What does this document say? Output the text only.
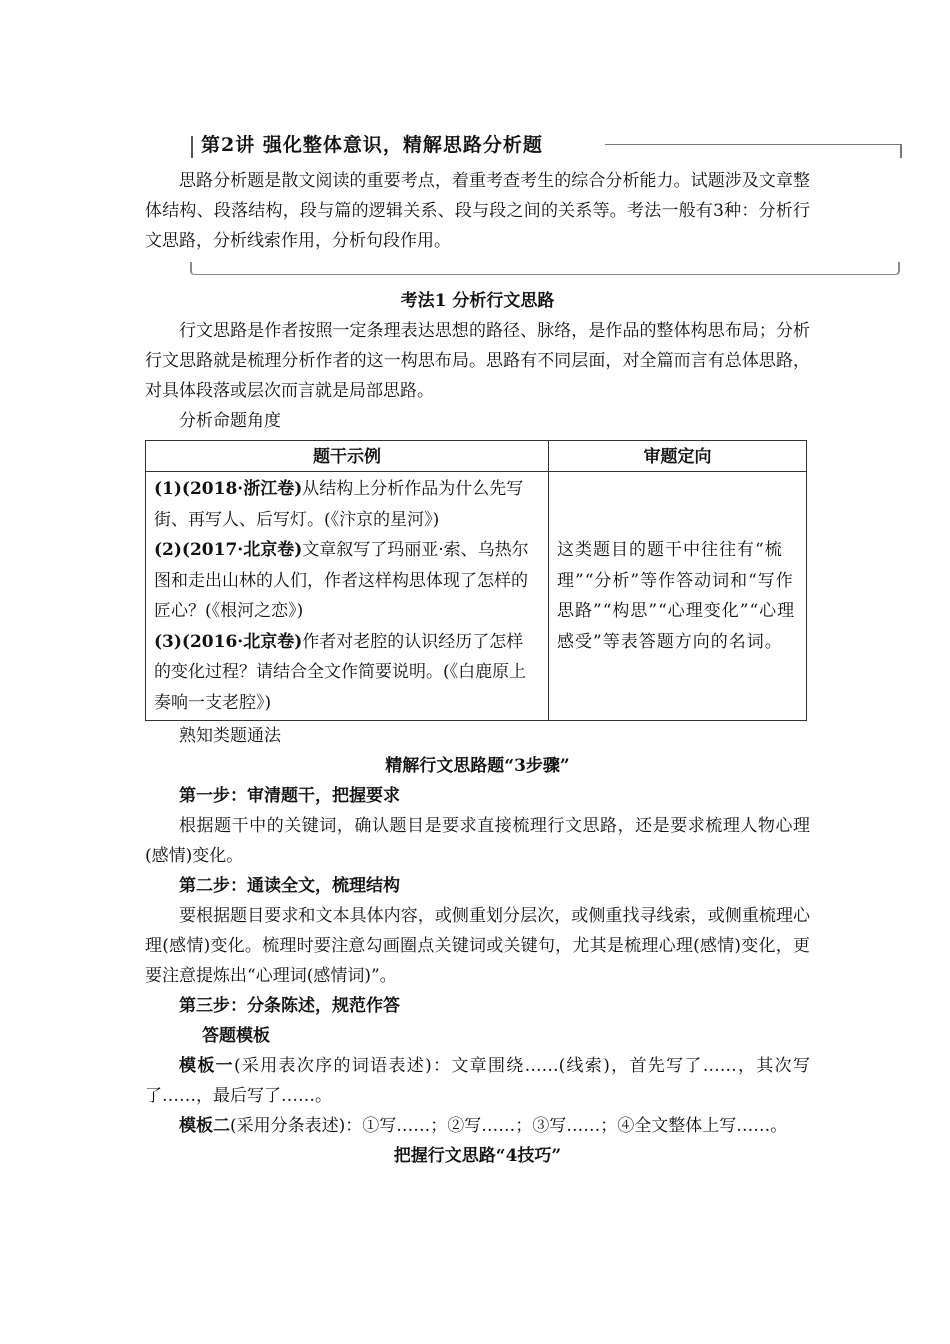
第2讲 强化整体意识，精解思路分析题

思路分析题是散文阅读的重要考点，着重考查考生的综合分析能力。试题涉及文章整体结构、段落结构，段与篇的逻辑关系、段与段之间的关系等。考法一般有3种：分析行文思路，分析线索作用，分析句段作用。

考法1 分析行文思路

行文思路是作者按照一定条理表达思想的路径、脉络，是作品的整体构思布局；分析行文思路就是梳理分析作者的这一构思布局。思路有不同层面，对全篇而言有总体思路，对具体段落或层次而言就是局部思路。

分析命题角度

题干示例	审题定向

(1)(2018·浙江卷)从结构上分析作品为什么先写街、再写人、后写灯。(《汴京的星河》)
(2)(2017·北京卷)文章叙写了玛丽亚·索、乌热尔图和走出山林的人们，作者这样构思体现了怎样的匠心？(《根河之恋》)
(3)(2016·北京卷)作者对老腔的认识经历了怎样的变化过程？请结合全文作简要说明。(《白鹿原上奏响一支老腔》)	这类题目的题干中往往有“梳理”“分析”等作答动词和“写作思路”“构思”“心理变化”“心理感受”等表答题方向的名词。

熟知类题通法

精解行文思路题“3步骤”

第一步：审清题干，把握要求

根据题干中的关键词，确认题目是要求直接梳理行文思路，还是要求梳理人物心理(感情)变化。

第二步：通读全文，梳理结构

要根据题目要求和文本具体内容，或侧重划分层次，或侧重找寻线索，或侧重梳理心理(感情)变化。梳理时要注意勾画圈点关键词或关键句，尤其是梳理心理(感情)变化，更要注意提炼出“心理词(感情词)”。

第三步：分条陈述，规范作答

答题模板

模板一(采用表次序的词语表述)：文章围绕……(线索)，首先写了……，其次写了……，最后写了……。

模板二(采用分条表述)：①写……；②写……；③写……；④全文整体上写……。

把握行文思路“4技巧”
